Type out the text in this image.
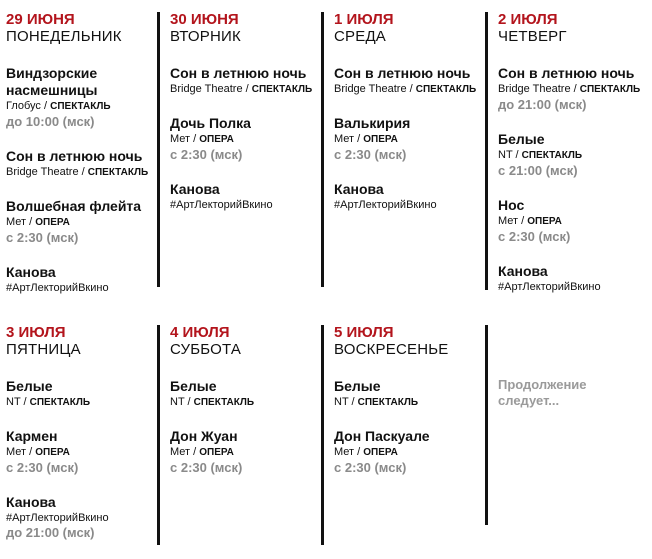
29 ИЮНЯ
ПОНЕДЕЛЬНИК
Виндзорские насмешницы
Глобус / СПЕКТАКЛЬ
до 10:00 (мск)
Сон в летнюю ночь
Bridge Theatre / СПЕКТАКЛЬ
Волшебная флейта
Мет / ОПЕРА
с 2:30 (мск)
Канова
#АртЛекторийВкино
30 ИЮНЯ
ВТОРНИК
Сон в летнюю ночь
Bridge Theatre / СПЕКТАКЛЬ
Дочь Полка
Мет / ОПЕРА
с 2:30 (мск)
Канова
#АртЛекторийВкино
1 ИЮЛЯ
СРЕДА
Сон в летнюю ночь
Bridge Theatre / СПЕКТАКЛЬ
Валькирия
Мет / ОПЕРА
с 2:30 (мск)
Канова
#АртЛекторийВкино
2 ИЮЛЯ
ЧЕТВЕРГ
Сон в летнюю ночь
Bridge Theatre / СПЕКТАКЛЬ
до 21:00 (мск)
Белые
NT / СПЕКТАКЛЬ
с 21:00 (мск)
Нос
Мет / ОПЕРА
с 2:30 (мск)
Канова
#АртЛекторийВкино
3 ИЮЛЯ
ПЯТНИЦА
Белые
NT / СПЕКТАКЛЬ
Кармен
Мет / ОПЕРА
с 2:30 (мск)
Канова
#АртЛекторийВкино
до 21:00 (мск)
4 ИЮЛЯ
СУББОТА
Белые
NT / СПЕКТАКЛЬ
Дон Жуан
Мет / ОПЕРА
с 2:30 (мск)
5 ИЮЛЯ
ВОСКРЕСЕНЬЕ
Белые
NT / СПЕКТАКЛЬ
Дон Паскуале
Мет / ОПЕРА
с 2:30 (мск)
Продолжение следует...
